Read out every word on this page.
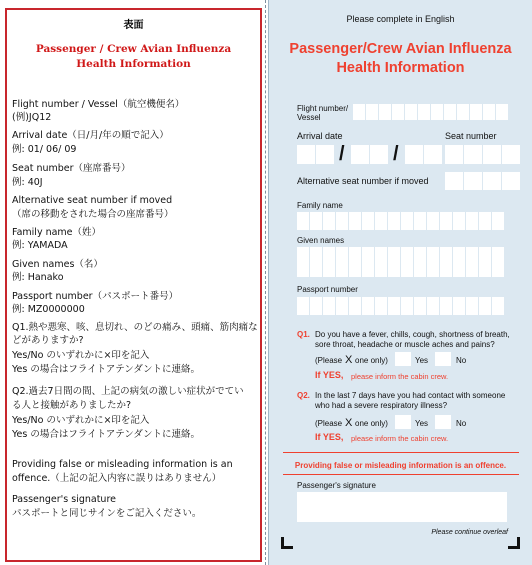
表面
Passenger / Crew Avian Influenza
Health Information
Flight number / Vessel（航空機便名）
(例)JQ12
Arrival date（日/月/年の順で記入）
例: 01/ 06/ 09
Seat number（座席番号）
例: 40J
Alternative seat number if moved
（席の移動をされた場合の座席番号）
Family name（姓）
例: YAMADA
Given names（名）
例: Hanako
Passport number（パスポート番号）
例: MZ0000000
Q1.熱や悪寒、咳、息切れ、のどの痛み、頭痛、筋肉痛な
どがありますか?
Yes/No のいずれかに×印を記入
Yes の場合はフライトアテンダントに連絡。
Q2.過去7日間の間、上記の病気の激しい症状がでてい
る人と接触がありましたか?
Yes/No のいずれかに×印を記入
Yes の場合はフライトアテンダントに連絡。
Providing false or misleading information is an
offence.（上記の記入内容に誤りはありません）
Passenger's signature
パスポートと同じサインをご記入ください。
Please complete in English
Passenger/Crew Avian Influenza
Health Information
Flight number/
Vessel
Arrival date	Seat number
/ /
Alternative seat number if moved
Family name
Given names
Passport number
Q1. Do you have a fever, chills, cough, shortness of breath,
sore throat, headache or muscle aches and pains?
(Please X one only)	Yes	No
If YES, please inform the cabin crew.
Q2. In the last 7 days have you had contact with someone
who had a severe respiratory illness?
(Please X one only)	Yes	No
If YES, please inform the cabin crew.
Providing false or misleading information is an offence.
Passenger's signature
Please continue overleaf
